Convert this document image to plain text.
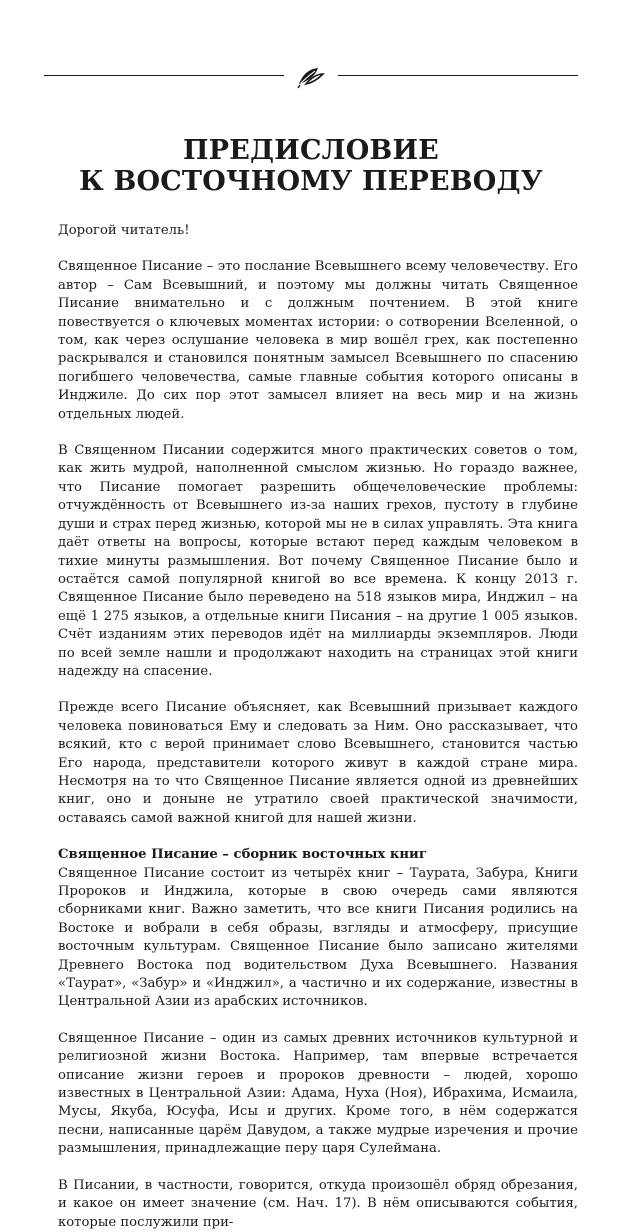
ПРЕДИСЛОВИЕ
К ВОСТОЧНОМУ ПЕРЕВОДУ

Дорогой читатель!

Священное Писание – это послание Всевышнего всему человечеству. Его автор – Сам Всевышний, и поэтому мы должны читать Священное Писание внимательно и с должным почтением. В этой книге повествуется о ключевых моментах истории: о сотворении Вселенной, о том, как через ослушание человека в мир вошёл грех, как постепенно раскрывался и становился понятным замысел Всевышнего по спасению погибшего человечества, самые главные события которого описаны в Инджиле. До сих пор этот замысел влияет на весь мир и на жизнь отдельных людей.

В Священном Писании содержится много практических советов о том, как жить мудрой, наполненной смыслом жизнью. Но гораздо важнее, что Писание помогает разрешить общечеловеческие проблемы: отчуждённость от Всевышнего из-за наших грехов, пустоту в глубине души и страх перед жизнью, которой мы не в силах управлять. Эта книга даёт ответы на вопросы, которые встают перед каждым человеком в тихие минуты размышления. Вот почему Священное Писание было и остаётся самой популярной книгой во все времена. К концу 2013 г. Священное Писание было переведено на 518 языков мира, Инджил – на ещё 1 275 языков, а отдельные книги Писания – на другие 1 005 языков. Счёт изданиям этих переводов идёт на миллиарды экземпляров. Люди по всей земле нашли и продолжают находить на страницах этой книги надежду на спасение.

Прежде всего Писание объясняет, как Всевышний призывает каждого человека повиноваться Ему и следовать за Ним. Оно рассказывает, что всякий, кто с верой принимает слово Всевышнего, становится частью Его народа, представители которого живут в каждой стране мира. Несмотря на то что Священное Писание является одной из древнейших книг, оно и доныне не утратило своей практической значимости, оставаясь самой важной книгой для нашей жизни.

Священное Писание – сборник восточных книг

Священное Писание состоит из четырёх книг – Таурата, Забура, Книги Пророков и Инджила, которые в свою очередь сами являются сборниками книг. Важно заметить, что все книги Писания родились на Востоке и вобрали в себя образы, взгляды и атмосферу, присущие восточным культурам. Священное Писание было записано жителями Древнего Востока под водительством Духа Всевышнего. Названия «Таурат», «Забур» и «Инджил», а частично и их содержание, известны в Центральной Азии из арабских источников.

Священное Писание – один из самых древних источников культурной и религиозной жизни Востока. Например, там впервые встречается описание жизни героев и пророков древности – людей, хорошо известных в Центральной Азии: Адама, Нуха (Ноя), Ибрахима, Исмаила, Мусы, Якуба, Юсуфа, Исы и других. Кроме того, в нём содержатся песни, написанные царём Давудом, а также мудрые изречения и прочие размышления, принадлежащие перу царя Сулеймана.

В Писании, в частности, говорится, откуда произошёл обряд обрезания, и какое он имеет значение (см. Нач. 17). В нём описываются события, которые послужили при-
